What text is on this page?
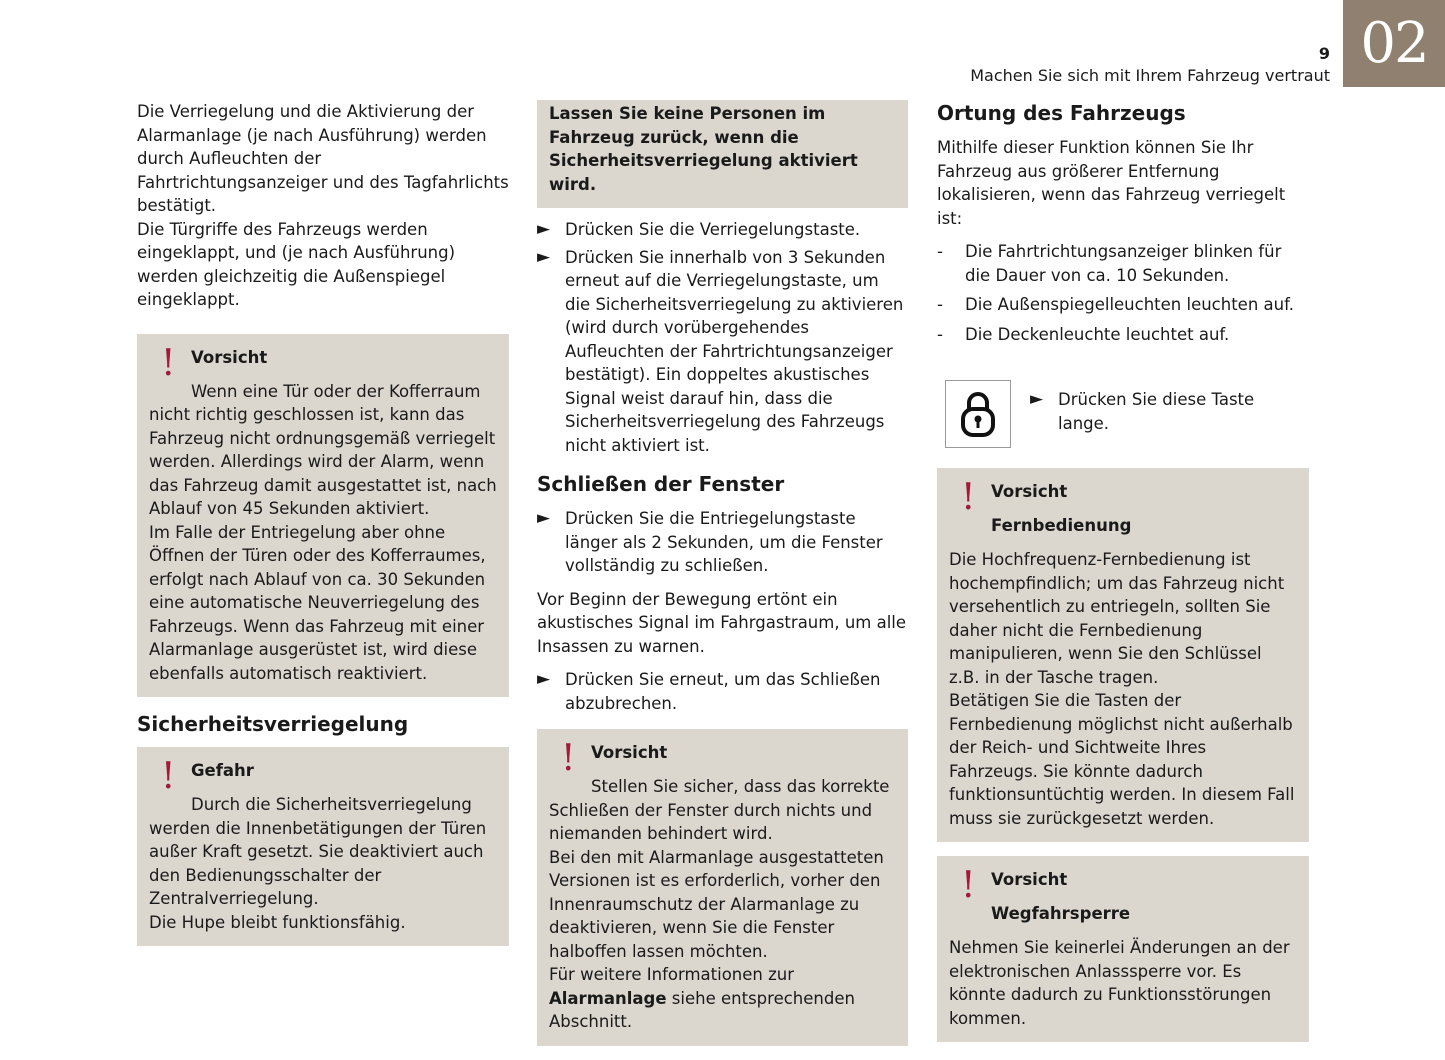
9
Machen Sie sich mit Ihrem Fahrzeug vertraut 02

Die Verriegelung und die Aktivierung der Alarmanlage (je nach Ausführung) werden durch Aufleuchten der Fahrtrichtungsanzeiger und des Tagfahrlichts bestätigt.

Die Türgriffe des Fahrzeugs werden eingeklappt, und (je nach Ausführung) werden gleichzeitig die Außenspiegel eingeklappt.

! Vorsicht

Wenn eine Tür oder der Kofferraum nicht richtig geschlossen ist, kann das Fahrzeug nicht ordnungsgemäß verriegelt werden. Allerdings wird der Alarm, wenn das Fahrzeug damit ausgestattet ist, nach Ablauf von 45 Sekunden aktiviert.

Im Falle der Entriegelung aber ohne Öffnen der Türen oder des Kofferraumes, erfolgt nach Ablauf von ca. 30 Sekunden eine automatische Neuverriegelung des Fahrzeugs. Wenn das Fahrzeug mit einer Alarmanlage ausgerüstet ist, wird diese ebenfalls automatisch reaktiviert.

Sicherheitsverriegelung
! Gefahr

Durch die Sicherheitsverriegelung werden die Innenbetätigungen der Türen außer Kraft gesetzt. Sie deaktiviert auch den Bedienungsschalter der Zentralverriegelung.

Die Hupe bleibt funktionsfähig.

Lassen Sie keine Personen im Fahrzeug zurück, wenn die Sicherheitsverriegelung aktiviert wird.

► Drücken Sie die Verriegelungstaste.
► Drücken Sie innerhalb von 3 Sekunden erneut auf die Verriegelungstaste, um die Sicherheitsverriegelung zu aktivieren (wird durch vorübergehendes Aufleuchten der Fahrtrichtungsanzeiger bestätigt). Ein doppeltes akustisches Signal weist darauf hin, dass die Sicherheitsverriegelung des Fahrzeugs nicht aktiviert ist.
Schließen der Fenster
► Drücken Sie die Entriegelungstaste länger als 2 Sekunden, um die Fenster vollständig zu schließen.

Vor Beginn der Bewegung ertönt ein akustisches Signal im Fahrgastraum, um alle Insassen zu warnen.

► Drücken Sie erneut, um das Schließen abzubrechen.
! Vorsicht

Stellen Sie sicher, dass das korrekte Schließen der Fenster durch nichts und niemanden behindert wird.

Bei den mit Alarmanlage ausgestatteten Versionen ist es erforderlich, vorher den Innenraumschutz der Alarmanlage zu deaktivieren, wenn Sie die Fenster halboffen lassen möchten.

Für weitere Informationen zur Alarmanlage siehe entsprechenden Abschnitt.

Ortung des Fahrzeugs

Mithilfe dieser Funktion können Sie Ihr Fahrzeug aus größerer Entfernung lokalisieren, wenn das Fahrzeug verriegelt ist:

- Die Fahrtrichtungsanzeiger blinken für die Dauer von ca. 10 Sekunden.
- Die Außenspiegelleuchten leuchten auf.
- Die Deckenleuchte leuchtet auf.
► Drücken Sie diese Taste lange.
! Vorsicht
Fernbedienung

Die Hochfrequenz-Fernbedienung ist hochempfindlich; um das Fahrzeug nicht versehentlich zu entriegeln, sollten Sie daher nicht die Fernbedienung manipulieren, wenn Sie den Schlüssel z.B. in der Tasche tragen.

Betätigen Sie die Tasten der Fernbedienung möglichst nicht außerhalb der Reich- und Sichtweite Ihres Fahrzeugs. Sie könnte dadurch funktionsuntüchtig werden. In diesem Fall muss sie zurückgesetzt werden.

! Vorsicht
Wegfahrsperre

Nehmen Sie keinerlei Änderungen an der elektronischen Anlasssperre vor. Es könnte dadurch zu Funktionsstörungen kommen.
